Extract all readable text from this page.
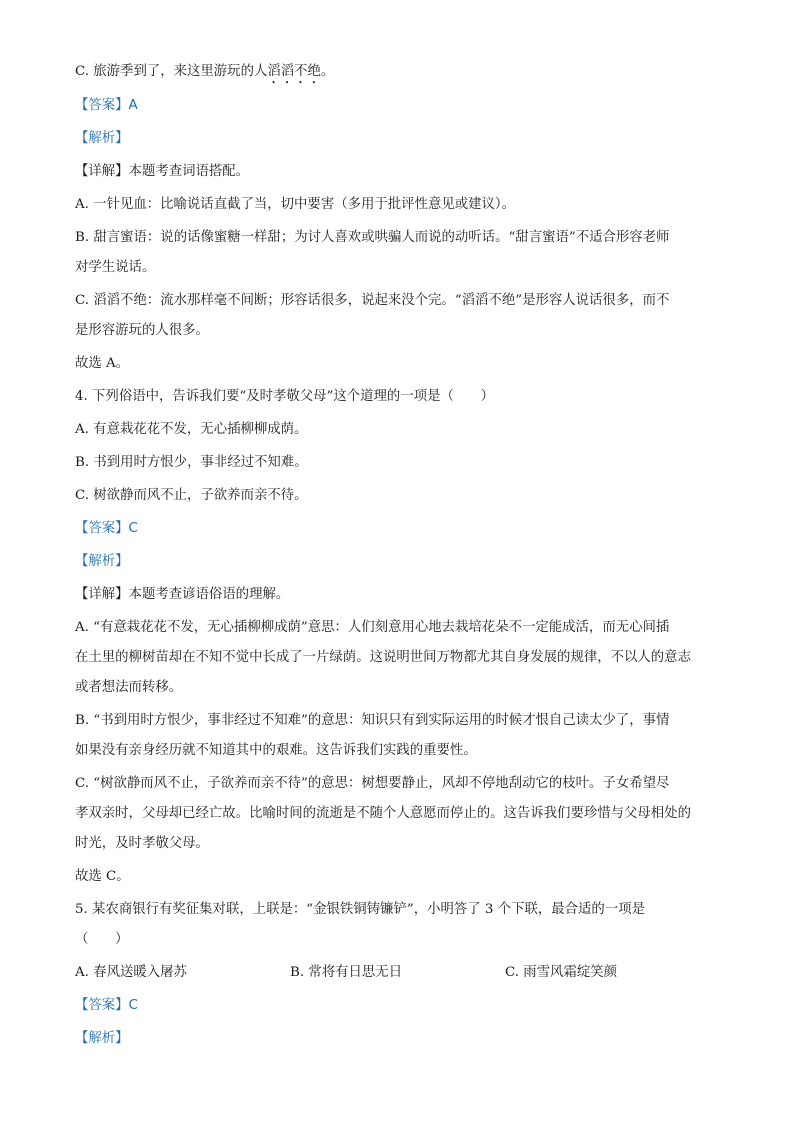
C. 旅游季到了，来这里游玩的人滔滔不绝。
【答案】A
【解析】
【详解】本题考查词语搭配。
A. 一针见血：比喻说话直截了当，切中要害（多用于批评性意见或建议）。
B. 甜言蜜语：说的话像蜜糖一样甜；为讨人喜欢或哄骗人而说的动听话。“甜言蜜语”不适合形容老师
对学生说话。
C. 滔滔不绝：流水那样毫不间断；形容话很多，说起来没个完。“滔滔不绝”是形容人说话很多，而不
是形容游玩的人很多。
故选 A。
4. 下列俗语中，告诉我们要“及时孝敬父母”这个道理的一项是（　　）
A. 有意栽花花不发，无心插柳柳成荫。
B. 书到用时方恨少，事非经过不知难。
C. 树欲静而风不止，子欲养而亲不待。
【答案】C
【解析】
【详解】本题考查谚语俗语的理解。
A. “有意栽花花不发，无心插柳柳成荫”意思：人们刻意用心地去栽培花朵不一定能成活，而无心间插
在土里的柳树苗却在不知不觉中长成了一片绿荫。这说明世间万物都尤其自身发展的规律，不以人的意志
或者想法而转移。
B. “书到用时方恨少，事非经过不知难”的意思：知识只有到实际运用的时候才恨自己读太少了，事情
如果没有亲身经历就不知道其中的艰难。这告诉我们实践的重要性。
C. “树欲静而风不止，子欲养而亲不待”的意思：树想要静止，风却不停地刮动它的枝叶。子女希望尽
孝双亲时，父母却已经亡故。比喻时间的流逝是不随个人意愿而停止的。这告诉我们要珍惜与父母相处的
时光，及时孝敬父母。
故选 C。
5. 某农商银行有奖征集对联，上联是：“金银铁铜铸镰铲”，小明答了 3 个下联，最合适的一项是
（　　）
A. 春风送暖入屠苏	B. 常将有日思无日	C. 雨雪风霜绽笑颜
【答案】C
【解析】
